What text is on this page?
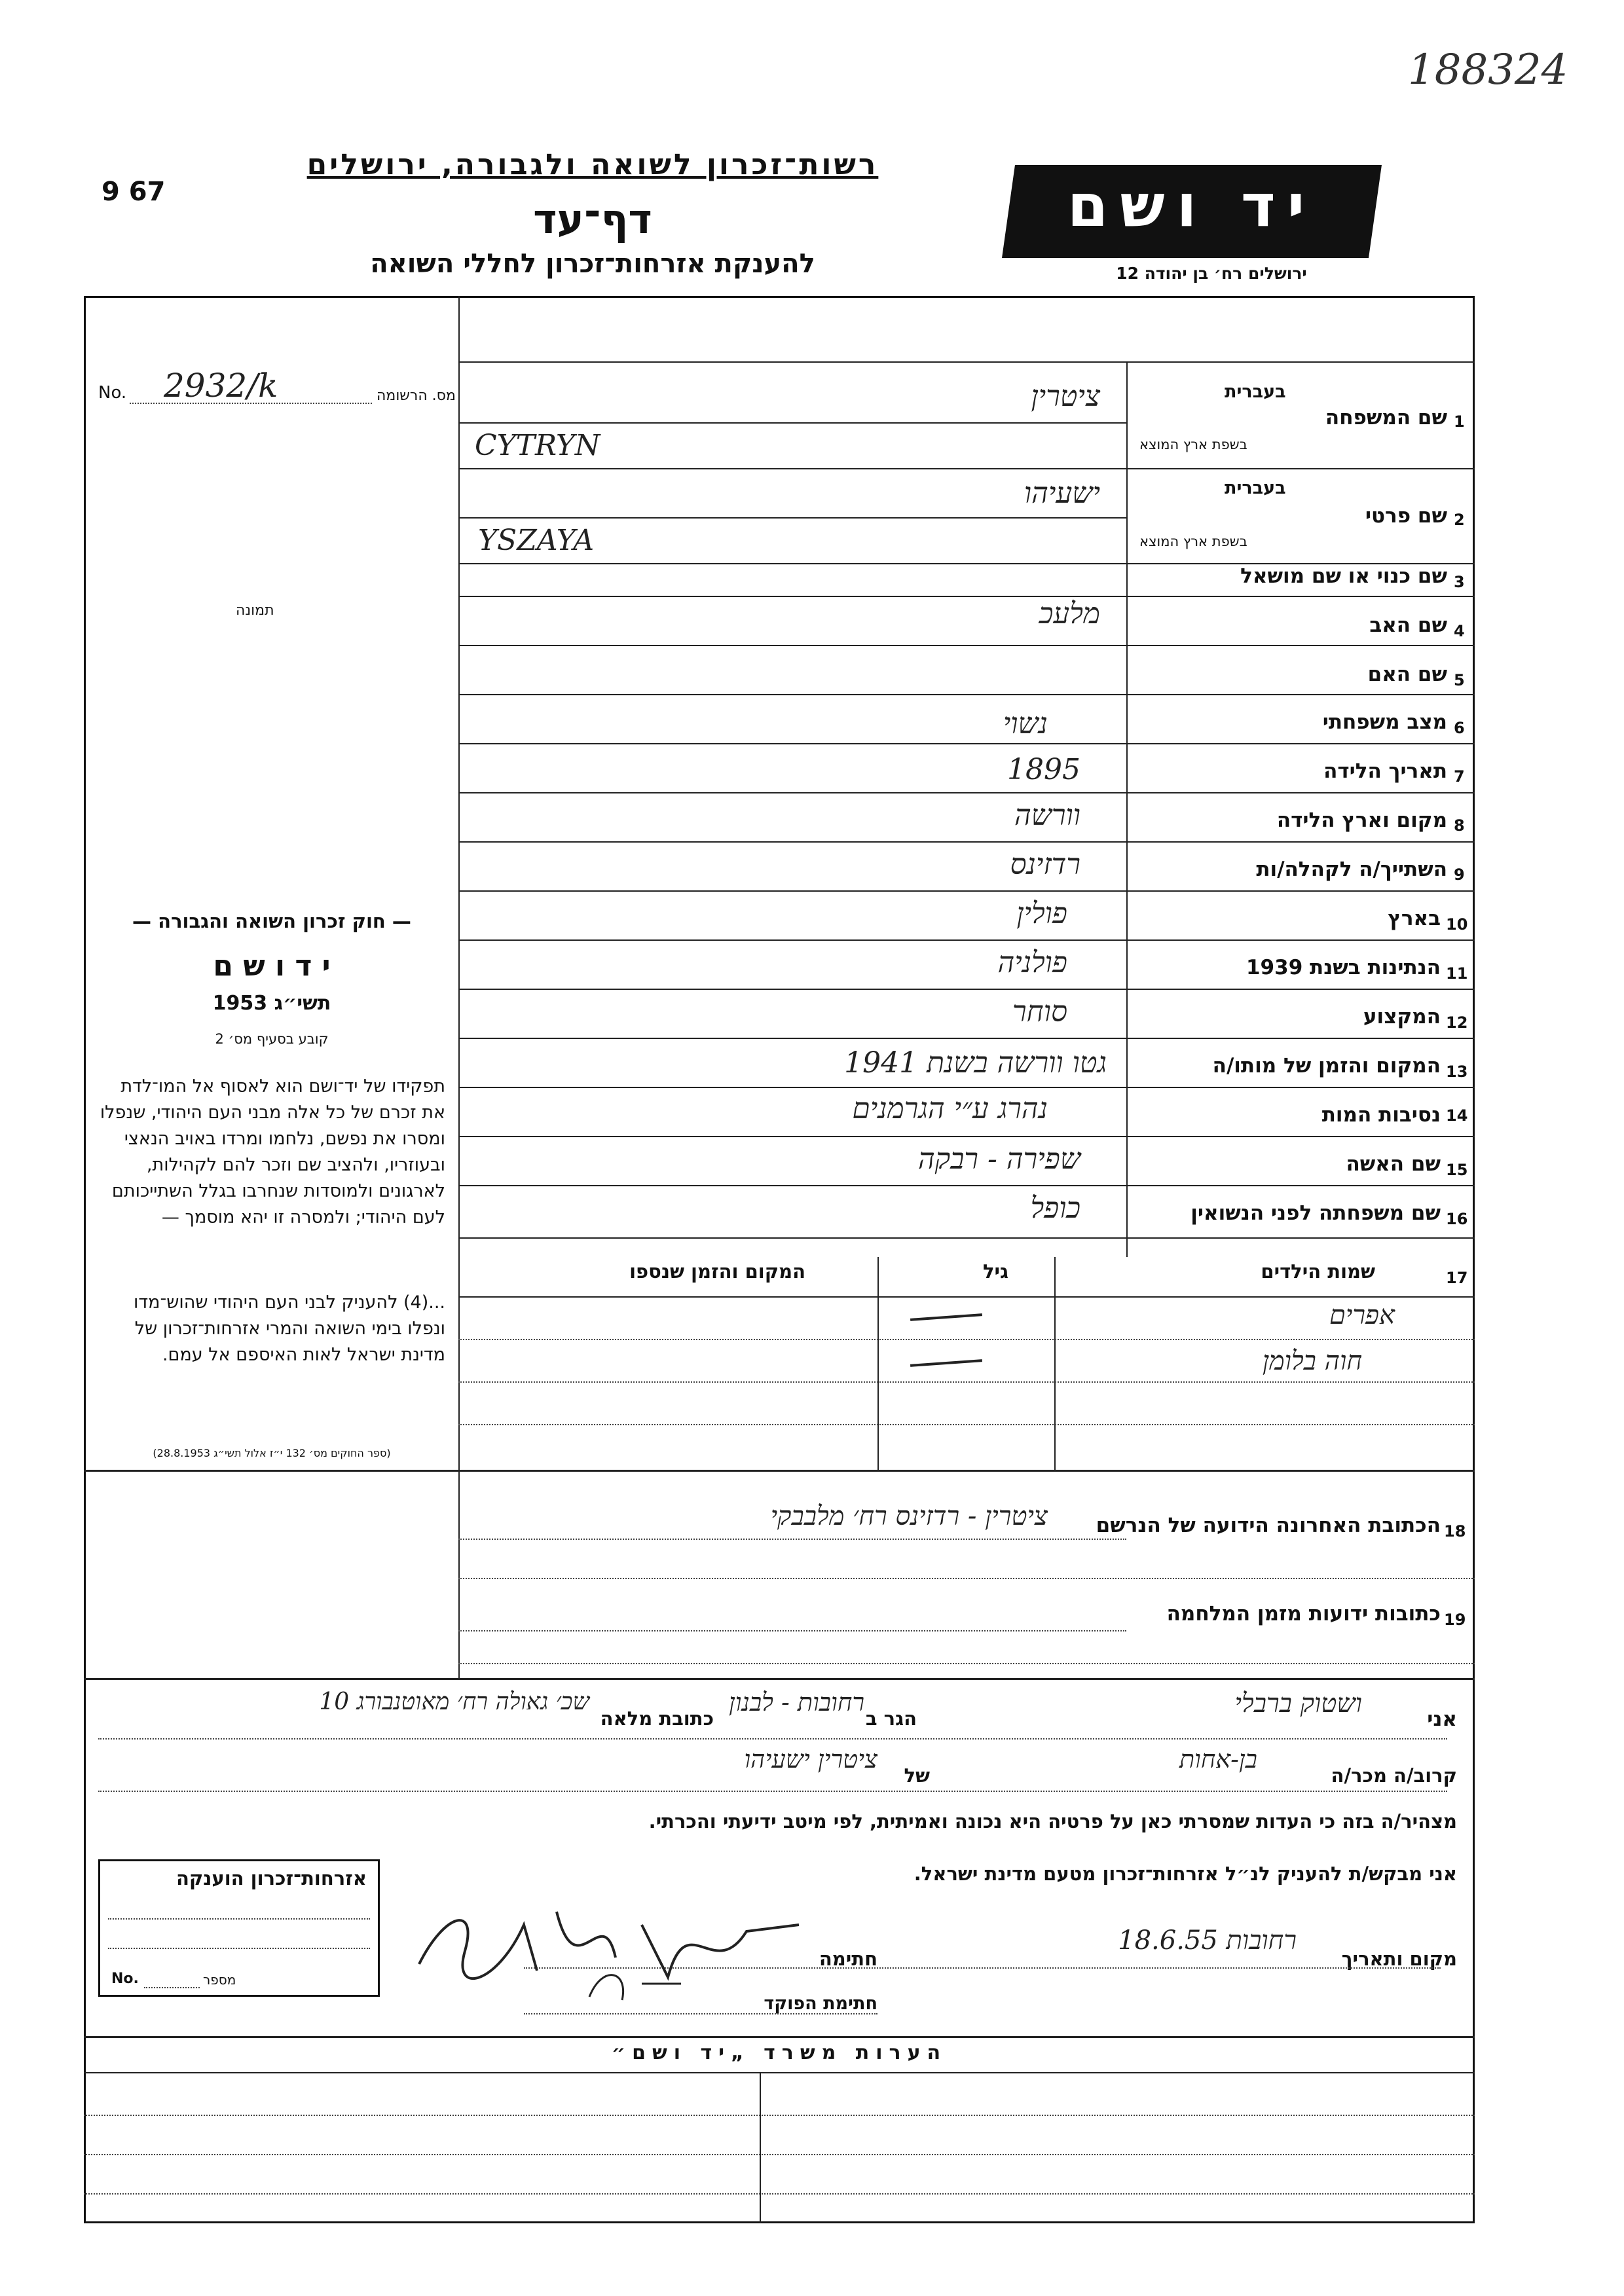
188324
9 67
רשות־זכרון לשואה ולגבורה, ירושלים
דף־עד
להענקת אזרחות־זכרון לחללי השואה
יד ושם
ירושלים רח׳ בן יהודה 12
No. 2932/k	מס. הרשומה
תמונה
1
שם המשפחה
בעברית
בשפת ארץ המוצא
ציטרין
CYTRYN
2
שם פרטי
בעברית
בשפת ארץ המוצא
ישעיהו
YSZAYA
3
שם כנוי או שם מושאל
4
שם האב
מלעכ
5
שם האם
6
מצב משפחתי
נשוי
7
תאריך הלידה
1895
8
מקום וארץ הלידה
וורשה
9
השתייך/ה לקהלה/ות
רדזינס
10
בארץ
פולין
11
הנתינות בשנת 1939
פולניה
12
המקצוע
סוחר
13
המקום והזמן של מותו/ה
גטו וורשה בשנת 1941
14
נסיבות המות
נהרג ע״י הגרמנים
15
שם האשה
שפירה - רבקה
16
שם משפחתה לפני הנשואין
כופל
17
שמות הילדים
גיל
המקום והזמן שנספו
אפרים
חוה בלומן
18
הכתובת האחרונה הידועה של הנרשם
ציטרין - רדזינס רח׳ מלבבקי
19
כתובות ידועות מזמן המלחמה
— חוק זכרון השואה והגבורה —
י ד ו ש ם
תשי״ג 1953
קובע בסעיף מס׳ 2
תפקידו של יד־ושם הוא לאסוף אל המו־לדת את זכרם של כל אלה מבני העם היהודי, שנפלו ומסרו את נפשם, נלחמו ומרדו באויב הנאצי ובעוזריו, ולהציב שם וזכר להם לקהילות, לארגונים ולמוסדות שנחרבו בגלל השתייכותם לעם היהודי; ולמסרה זו יהא מוסמך —
...(4) להעניק לבני העם היהודי שהוש־מדו ונפלו בימי השואה והמרי אזרחות־זכרון של מדינת ישראל לאות האיספם אל עמם.
(ספר החוקים מס׳ 132 י״ז אלול תשי״ג 28.8.1953)
אני
ושטוק ברבלי
הגר ב
רחובות - לבנון
כתובת מלאה
שכ׳ גאולה רח׳ מאוטנבורג 10
קרוב/ה מכר/ה
בן-אחות
של
ציטרין ישעיהו
מצהיר/ה בזה כי העדות שמסרתי כאן על פרטיה היא נכונה ואמיתית, לפי מיטב ידיעתי והכרתי.
אני מבקש/ת להעניק לנ״ל אזרחות־זכרון מטעם מדינת ישראל.
מקום ותאריך
רחובות 18.6.55
חתימה
חתימת הפוקד
אזרחות־זכרון הוענקה
No.	מספר
הערות משרד „יד ושם״
